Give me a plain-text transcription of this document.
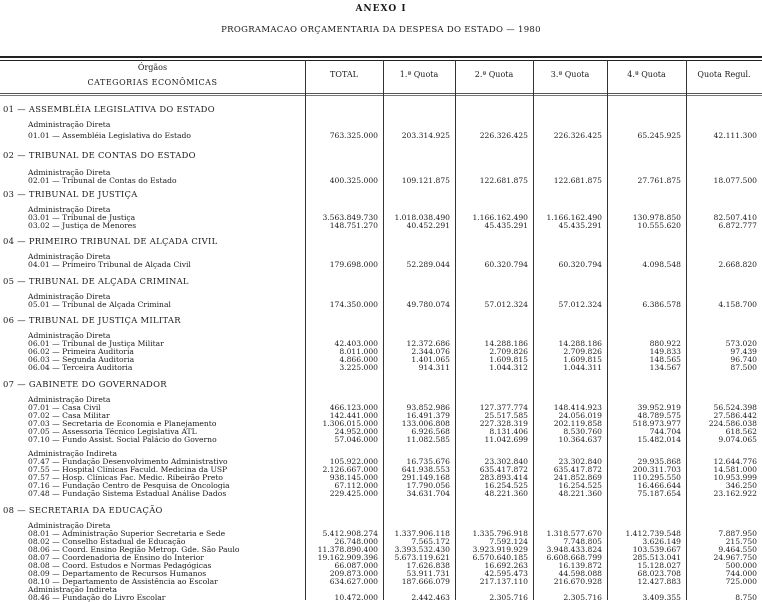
ANEXO I
PROGRAMACAO ORÇAMENTARIA DA DESPESA DO ESTADO — 1980
Órgãos
CATEGORIAS ECONÔMICAS
TOTAL	1.ª Quota	2.ª Quota	3.ª Quota	4.ª Quota	Quota Regul.
01 — ASSEMBLÉIA LEGISLATIVA DO ESTADO
Administração Direta
01.01 — Assembléia Legislativa do Estado	763.325.000	203.314.925	226.326.425	226.326.425	65.245.925	42.111.300
02 — TRIBUNAL DE CONTAS DO ESTADO
Administração Direta
02.01 — Tribunal de Contas do Estado	400.325.000	109.121.875	122.681.875	122.681.875	27.761.875	18.077.500
03 — TRIBUNAL DE JUSTIÇA
Administração Direta
03.01 — Tribunal de Justiça	3.563.849.730	1.018.038.490	1.166.162.490	1.166.162.490	130.978.850	82.507.410
03.02 — Justiça de Menores	148.751.270	40.452.291	45.435.291	45.435.291	10.555.620	6.872.777
04 — PRIMEIRO TRIBUNAL DE ALÇADA CIVIL
Administração Direta
04.01 — Primeiro Tribunal de Alçada Civil	179.698.000	52.289.044	60.320.794	60.320.794	4.098.548	2.668.820
05 — TRIBUNAL DE ALÇADA CRIMINAL
Administração Direta
05.01 — Tribunal de Alçada Criminal	174.350.000	49.780.074	57.012.324	57.012.324	6.386.578	4.158.700
06 — TRIBUNAL DE JUSTIÇA MILITAR
Administração Direta
06.01 — Tribunal de Justiça Militar	42.403.000	12.372.686	14.288.186	14.288.186	880.922	573.020
06.02 — Primeira Auditoria	8.011.000	2.344.076	2.709.826	2.709.826	149.833	97.439
06.03 — Segunda Auditoria	4.866.000	1.401.065	1.609.815	1.609.815	148.565	96.740
06.04 — Terceira Auditoria	3.225.000	914.311	1.044.312	1.044.311	134.567	87.500
07 — GABINETE DO GOVERNADOR
Administração Direta
07.01 — Casa Civil	466.123.000	93.852.986	127.377.774	148.414.923	39.952.919	56.524.398
07.02 — Casa Militar	142.441.000	16.491.379	25.517.585	24.056.019	48.789.575	27.586.442
07.03 — Secretaria de Economia e Planejamento	1.306.015.000	133.006.808	227.328.319	202.119.858	518.973.977	224.586.038
07.05 — Assessoria Técnico Legislativa ATL	24.952.000	6.926.568	8.131.406	8.530.760	744.704	618.562
07.10 — Fundo Assist. Social Palácio do Governo	57.046.000	11.082.585	11.042.699	10.364.637	15.482.014	9.074.065
Administração Indireta
07.47 — Fundação Desenvolvimento Administrativo	105.922.000	16.735.676	23.302.840	23.302.840	29.935.868	12.644.776
07.55 — Hospital Clínicas Faculd. Medicina da USP	2.126.667.000	641.938.553	635.417.872	635.417.872	200.311.703	14.581.000
07.57 — Hosp. Clínicas Fac. Medic. Ribeirão Preto	938.145.000	291.149.168	283.893.414	241.852.869	110.295.550	10.953.999
07.16 — Fundação Centro de Pesquisa de Oncologia	67.112.000	17.790.056	16.254.525	16.254.525	16.466.644	346.250
07.48 — Fundação Sistema Estadual Análise Dados	229.425.000	34.631.704	48.221.360	48.221.360	75.187.654	23.162.922
08 — SECRETARIA DA EDUCAÇÃO
Administração Direta
08.01 — Administração Superior Secretaria e Sede	5.412.908.274	1.337.906.118	1.335.796.918	1.318.577.670	1.412.739.548	7.887.950
08.02 — Conselho Estadual de Educação	26.748.000	7.565.172	7.592.124	7.748.805	3.626.149	215.750
08.06 — Coord. Ensino Região Metrop. Gde. São Paulo	11.378.890.400	3.393.532.430	3.923.919.929	3.948.433.824	103.539.667	9.464.550
08.07 — Coordenadoria de Ensino do Interior	19.162.909.396	5.673.119.621	6.570.640.185	6.608.668.799	285.513.041	24.967.750
08.08 — Coord. Estudos e Normas Pedagógicas	66.087.000	17.626.838	16.692.263	16.139.872	15.128.027	500.000
08.09 — Departamento de Recursos Humanos	209.873.000	53.911.731	42.595.473	44.598.088	68.023.708	744.000
08.10 — Departamento de Assistência ao Escolar	634.627.000	187.666.079	217.137.110	216.670.928	12.427.883	725.000
Administração Indireta
08.46 — Fundação do Livro Escolar	10.472.000	2.442.463	2.305.716	2.305.716	3.409.355	8.750
